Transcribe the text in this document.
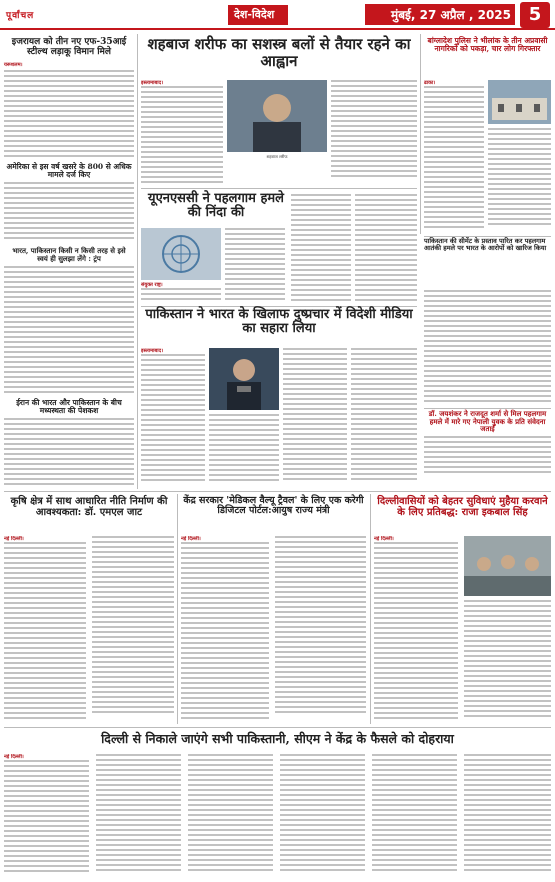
पूर्वांचल	देश-विदेश	मुंबई, 27 अप्रैल , 2025 5
इजरायल को तीन नए एफ-35आई स्टील्थ लड़ाकू विमान मिले
यरूशलम।
अमेरिका से इस वर्ष खसरे के 800 से अधिक मामले दर्ज किए
भारत, पाकिस्तान किसी न किसी तरह से इसे स्वयं ही सुलझा लेंगे : ट्रंप
ईरान की भारत और पाकिस्तान के बीच मध्यस्थता की पेशकश
शहबाज शरीफ का सशस्त्र बलों से तैयार रहने का आह्वान
इस्लामाबाद।
शहबाज शरीफ
बांग्लादेश पुलिस ने भीलांक के तीन अप्रवासी नागरिकों को पकड़ा, चार लोग गिरफ्तार
ढाका।
यूएनएससी ने पहलगाम हमले की निंदा की
संयुक्त राष्ट्र।
पाकिस्तान की सीमेंट के प्रस्ताव पारित कर पहलगाम आतंकी हमले पर भारत के आरोपों को खारिज किया
पाकिस्तान ने भारत के खिलाफ दुष्प्रचार में विदेशी मीडिया का सहारा लिया
इस्लामाबाद।
डॉ. जयशंकर ने राजदूत शर्मा से मिल पहलगाम हमले में मारे गए नेपाली युवक के प्रति संवेदना जताई
कृषि क्षेत्र में साथ आधारित नीति निर्माण की आवश्यकता: डॉ. एमएल जाट
नई दिल्ली।
केंद्र सरकार 'मेडिकल वैल्यू ट्रैवल' के लिए एक करेगी डिजिटल पोर्टल:आयुष राज्य मंत्री
नई दिल्ली।
दिल्लीवासियों को बेहतर सुविधाएं मुहैया करवाने के लिए प्रतिबद्ध: राजा इकबाल सिंह
नई दिल्ली।
दिल्ली से निकाले जाएंगे सभी पाकिस्तानी, सीएम ने केंद्र के फैसले को दोहराया
नई दिल्ली।
